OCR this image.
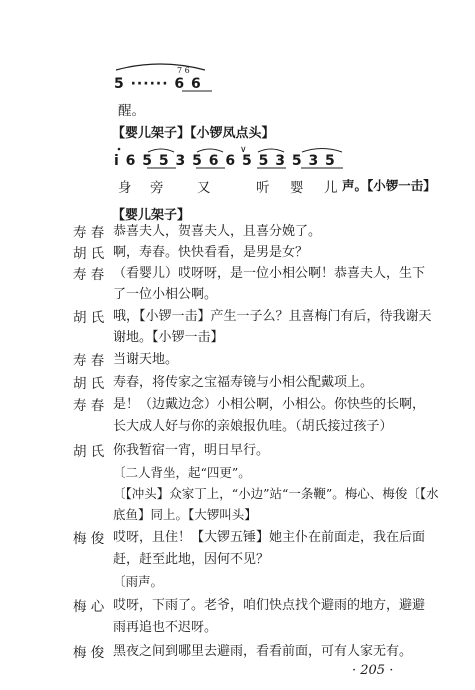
5 ······ 6 6
7 6
醒。
【婴儿架子】【小锣凤点头】
i 6 5 5 3 5 6 6 5 5 3 5 3 5
∨
身 旁 又	听 婴 儿 声。【小锣一击】
【婴儿架子】
寿 春 恭喜夫人，贺喜夫人，且喜分娩了。
胡 氏 啊，寿春。快快看看，是男是女？
寿 春 （看婴儿）哎呀呀，是一位小相公啊！恭喜夫人，生下
了一位小相公啊。
胡 氏 哦，【小锣一击】产生一子么？且喜梅门有后，待我谢天
谢地。【小锣一击】
寿 春 当谢天地。
胡 氏 寿春，将传家之宝福寿镜与小相公配戴项上。
寿 春 是！（边戴边念）小相公啊，小相公。你快些的长啊，
长大成人好与你的亲娘报仇哇。（胡氏接过孩子）
胡 氏 你我暂宿一宵，明日早行。
〔二人背坐，起“四更”。
〔【冲头】众家丁上，“小边”站“一条鞭”。梅心、梅俊〔【水
底鱼】同上。【大锣叫头】
梅 俊 哎呀，且住！【大锣五锤】她主仆在前面走，我在后面
赶，赶至此地，因何不见？
〔雨声。
梅 心 哎呀，下雨了。老爷，咱们快点找个避雨的地方，避避
雨再追也不迟呀。
梅 俊 黑夜之间到哪里去避雨，看看前面，可有人家无有。
· 205 ·
